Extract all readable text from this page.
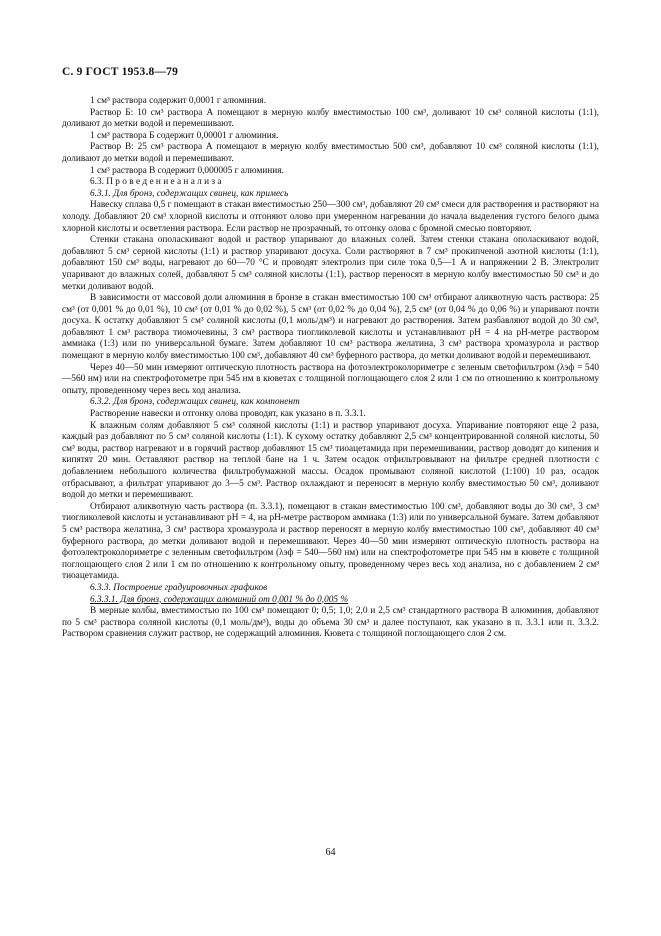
С. 9 ГОСТ 1953.8—79

1 см³ раствора содержит 0,0001 г алюминия.

Раствор Б: 10 см³ раствора А помещают в мерную колбу вместимостью 100 см³, доливают 10 см³ соляной кислоты (1:1), доливают до метки водой и перемешивают.

1 см³ раствора Б содержит 0,00001 г алюминия.

Раствор В: 25 см³ раствора А помещают в мерную колбу вместимостью 500 см³, добавляют 10 см³ соляной кислоты (1:1), доливают до метки водой и перемешивают.

1 см³ раствора В содержит 0,000005 г алюминия.

6.3. П р о в е д е н и е а н а л и з а

6.3.1. Для бронз, содержащих свинец, как примесь

Навеску сплава 0,5 г помещают в стакан вместимостью 250—300 см³, добавляют 20 см³ смеси для растворения и растворяют на холоду. Добавляют 20 см³ хлорной кислоты и отгоняют олово при умеренном нагревании до начала выделения густого белого дыма хлорной кислоты и осветления раствора. Если раствор не прозрачный, то отгонку олова с бромной смесью повторяют.

Стенки стакана ополаскивают водой и раствор упаривают до влажных солей. Затем стенки стакана ополаскивают водой, добавляют 5 см³ серной кислоты (1:1) и раствор упаривают досуха. Соли растворяют в 7 см³ прокипченой азотной кислоты (1:1), добавляют 150 см³ воды, нагревают до 60—70 °С и проводят электролиз при силе тока 0,5—1 А и напряжении 2 В. Электролит упаривают до влажных солей, добавляют 5 см³ соляной кислоты (1:1), раствор переносят в мерную колбу вместимостью 50 см³ и до метки доливают водой.

В зависимости от массовой доли алюминия в бронзе в стакан вместимостью 100 см³ отбирают аликвотную часть раствора: 25 см³ (от 0,001 % до 0,01 %), 10 см³ (от 0,01 % до 0,02 %), 5 см³ (от 0,02 % до 0,04 %), 2,5 см³ (от 0,04 % до 0,06 %) и упаривают почти досуха. К остатку добавляют 5 см³ соляной кислоты (0,1 моль/дм³) и нагревают до растворения. Затем разбавляют водой до 30 см³, добавляют 1 см³ раствора тиомочевины, 3 см³ раствора тиогликолевой кислоты и устанавливают рН = 4 на рН-метре раствором аммиака (1:3) или по универсальной бумаге. Затем добавляют 10 см³ раствора желатина, 3 см³ раствора хромазурола и раствор помещают в мерную колбу вместимостью 100 см³, добавляют 40 см³ буферного раствора, до метки доливают водой и перемешивают.

Через 40—50 мин измеряют оптическую плотность раствора на фотоэлектроколориметре с зеленым светофильтром (λэф = 540—560 нм) или на спектрофотометре при 545 нм в кюветах с толщиной поглощающего слоя 2 или 1 см по отношению к контрольному опыту, проведенному через весь ход анализа.

6.3.2. Для бронз, содержащих свинец, как компонент

Растворение навески и отгонку олова проводят, как указано в п. 3.3.1.

К влажным солям добавляют 5 см³ соляной кислоты (1:1) и раствор упаривают досуха. Упаривание повторяют еще 2 раза, каждый раз добавляют по 5 см³ соляной кислоты (1:1). К сухому остатку добавляют 2,5 см³ концентрированной соляной кислоты, 50 см³ воды, раствор нагревают и в горячий раствор добавляют 15 см³ тиоацетамида при перемешивании, раствор доводят до кипения и кипятят 20 мин. Оставляют раствор на теплой бане на 1 ч. Затем осадок отфильтровывают на фильтре средней плотности с добавлением небольшого количества фильтробумажной массы. Осадок промывают соляной кислотой (1:100) 10 раз, осадок отбрасывают, а фильтрат упаривают до 3—5 см³. Раствор охлаждают и переносят в мерную колбу вместимостью 50 см³, доливают водой до метки и перемешивают.

Отбирают аликвотную часть раствора (п. 3.3.1), помещают в стакан вместимостью 100 см³, добавляют воды до 30 см³, 3 см³ тиогликолевой кислоты и устанавливают рН = 4, на рН-метре раствором аммиака (1:3) или по универсальной бумаге. Затем добавляют 5 см³ раствора желатина, 3 см³ раствора хромазурола и раствор переносят в мерную колбу вместимостью 100 см³, добавляют 40 см³ буферного раствора, до метки доливают водой и перемешивают. Через 40—50 мин измеряют оптическую плотность раствора на фотоэлектроколориметре с зеленным светофильтром (λэф = 540—560 нм) или на спектрофотометре при 545 нм в кювете с толщиной поглощающего слоя 2 или 1 см по отношению к контрольному опыту, проведенному через весь ход анализа, но с добавлением 2 см³ тиоацетамида.

6.3.3. Построение градуировочных графиков

6.3.3.1. Для бронз, содержащих алюминий от 0,001 % до 0,005 %

В мерные колбы, вместимостью по 100 см³ помещают 0; 0,5; 1,0; 2,0 и 2,5 см³ стандартного раствора В алюминия, добавляют по 5 см³ раствора соляной кислоты (0,1 моль/дм³), воды до объема 30 см³ и далее поступают, как указано в п. 3.3.1 или п. 3.3.2. Раствором сравнения служит раствор, не содержащий алюминия. Кювета с толщиной поглощающего слоя 2 см.

64
